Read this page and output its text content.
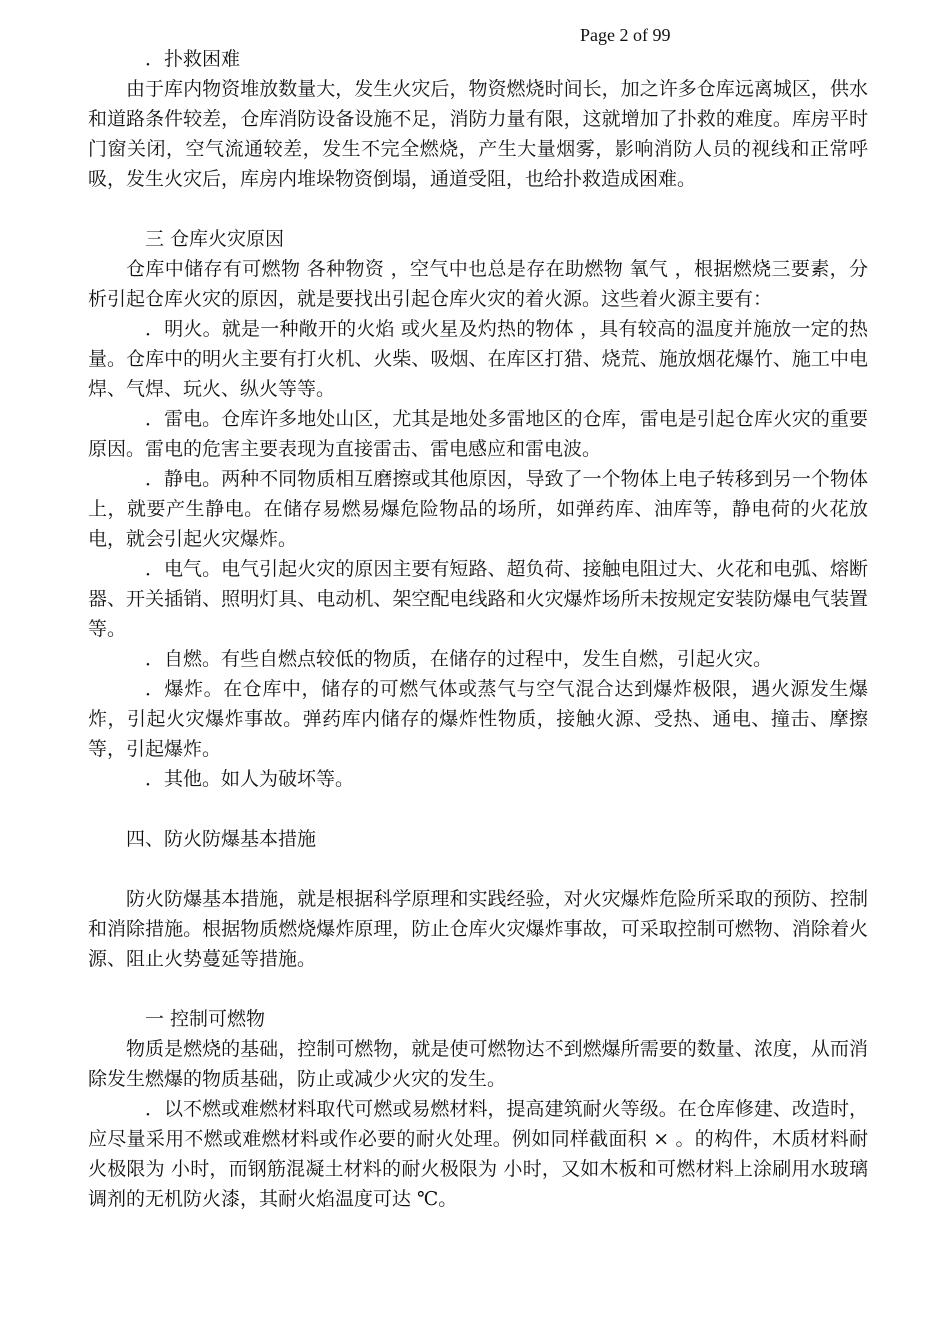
Page 2 of 99

．扑救困难

由于库内物资堆放数量大，发生火灾后，物资燃烧时间长，加之许多仓库远离城区，供水和道路条件较差，仓库消防设备设施不足，消防力量有限，这就增加了扑救的难度。库房平时门窗关闭，空气流通较差，发生不完全燃烧，产生大量烟雾，影响消防人员的视线和正常呼吸，发生火灾后，库房内堆垛物资倒塌，通道受阻，也给扑救造成困难。

三 仓库火灾原因

仓库中储存有可燃物 各种物资 ，空气中也总是存在助燃物 氧气 ，根据燃烧三要素，分析引起仓库火灾的原因，就是要找出引起仓库火灾的着火源。这些着火源主要有：

．明火。就是一种敞开的火焰 或火星及灼热的物体 ，具有较高的温度并施放一定的热量。仓库中的明火主要有打火机、火柴、吸烟、在库区打猎、烧荒、施放烟花爆竹、施工中电焊、气焊、玩火、纵火等等。

．雷电。仓库许多地处山区，尤其是地处多雷地区的仓库，雷电是引起仓库火灾的重要原因。雷电的危害主要表现为直接雷击、雷电感应和雷电波。

．静电。两种不同物质相互磨擦或其他原因，导致了一个物体上电子转移到另一个物体上，就要产生静电。在储存易燃易爆危险物品的场所，如弹药库、油库等，静电荷的火花放电，就会引起火灾爆炸。

．电气。电气引起火灾的原因主要有短路、超负荷、接触电阻过大、火花和电弧、熔断器、开关插销、照明灯具、电动机、架空配电线路和火灾爆炸场所未按规定安装防爆电气装置等。

．自燃。有些自燃点较低的物质，在储存的过程中，发生自燃，引起火灾。

．爆炸。在仓库中，储存的可燃气体或蒸气与空气混合达到爆炸极限，遇火源发生爆炸，引起火灾爆炸事故。弹药库内储存的爆炸性物质，接触火源、受热、通电、撞击、摩擦等，引起爆炸。

．其他。如人为破坏等。

四、防火防爆基本措施

防火防爆基本措施，就是根据科学原理和实践经验，对火灾爆炸危险所采取的预防、控制和消除措施。根据物质燃烧爆炸原理，防止仓库火灾爆炸事故，可采取控制可燃物、消除着火源、阻止火势蔓延等措施。

一 控制可燃物

物质是燃烧的基础，控制可燃物，就是使可燃物达不到燃爆所需要的数量、浓度，从而消除发生燃爆的物质基础，防止或减少火灾的发生。

．以不燃或难燃材料取代可燃或易燃材料，提高建筑耐火等级。在仓库修建、改造时，应尽量采用不燃或难燃材料或作必要的耐火处理。例如同样截面积 × 。的构件，木质材料耐火极限为 小时，而钢筋混凝土材料的耐火极限为 小时，又如木板和可燃材料上涂刷用水玻璃调剂的无机防火漆，其耐火焰温度可达 ℃。
